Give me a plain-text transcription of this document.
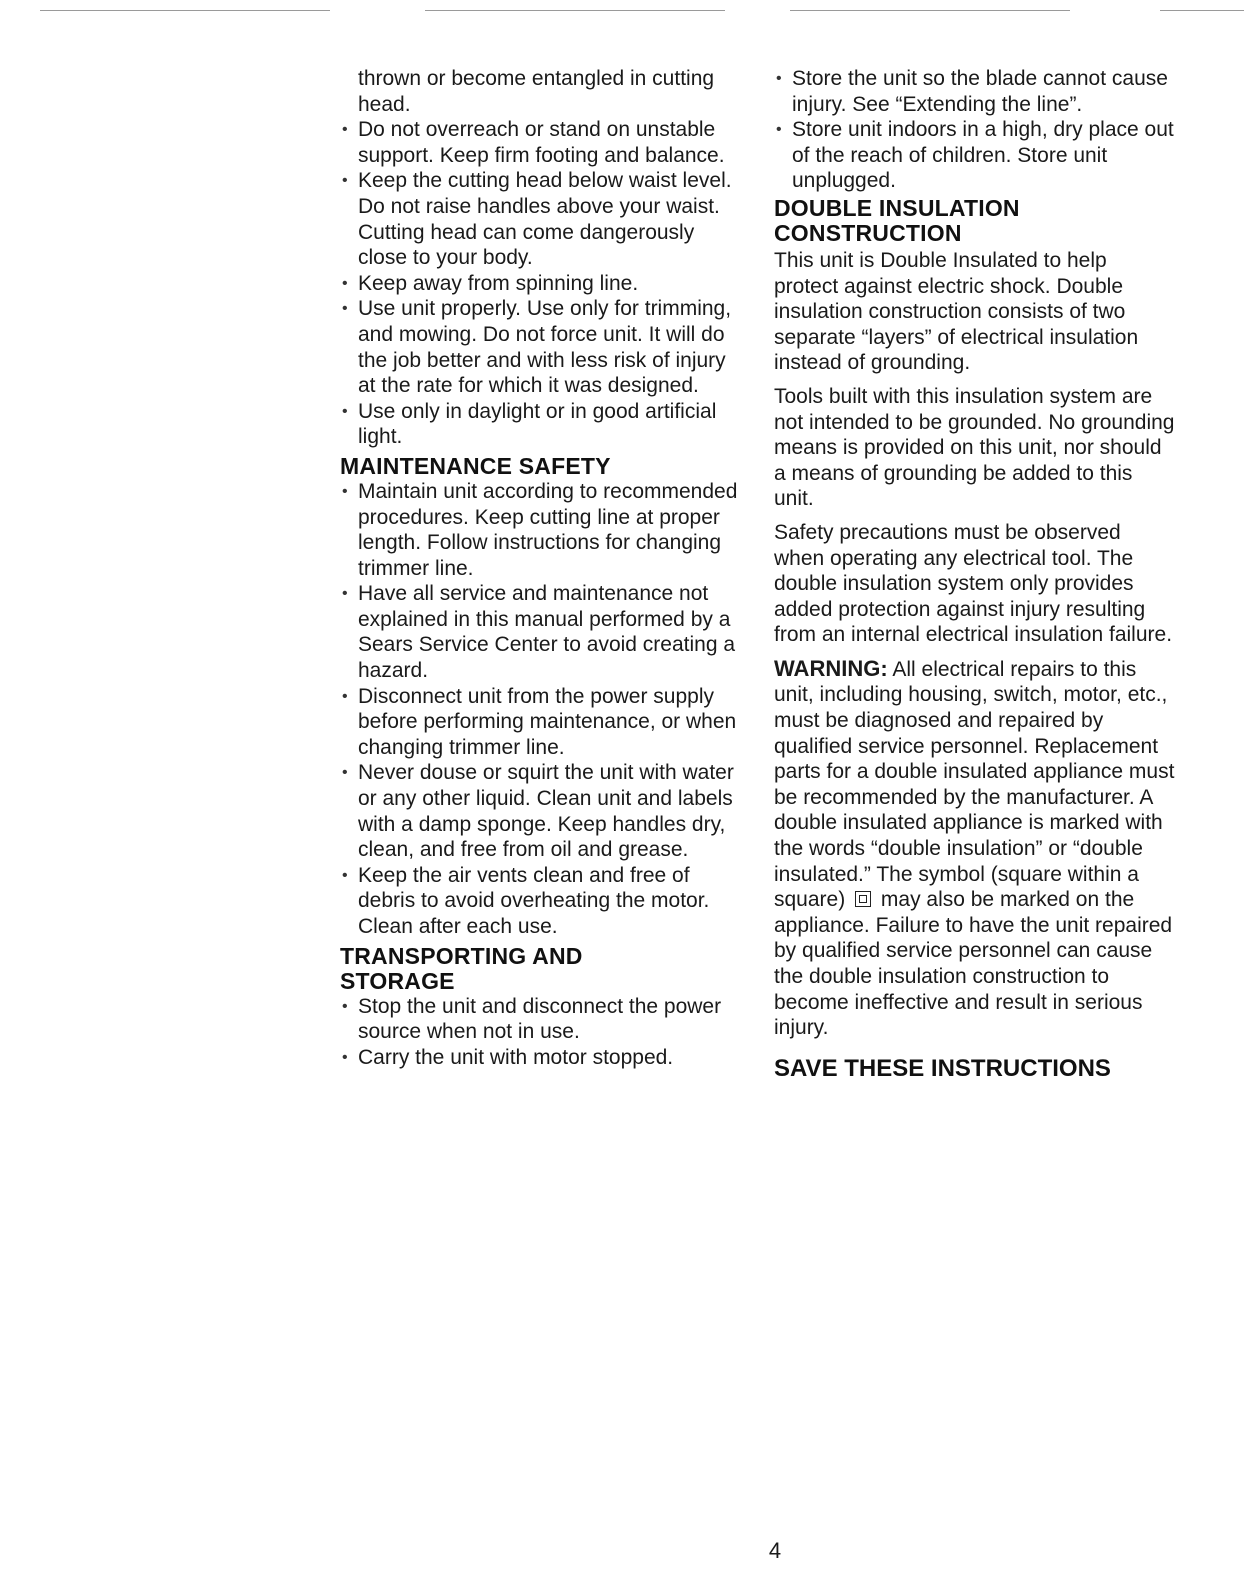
thrown or become entangled in cutting head.

• Do not overreach or stand on unstable support. Keep firm footing and balance.
• Keep the cutting head below waist level. Do not raise handles above your waist. Cutting head can come dangerously close to your body.
• Keep away from spinning line.
• Use unit properly. Use only for trimming, and mowing. Do not force unit. It will do the job better and with less risk of injury at the rate for which it was designed.
• Use only in daylight or in good artificial light.
MAINTENANCE SAFETY
• Maintain unit according to recommended procedures. Keep cutting line at proper length. Follow instructions for changing trimmer line.
• Have all service and maintenance not explained in this manual performed by a Sears Service Center to avoid creating a hazard.
• Disconnect unit from the power supply before performing maintenance, or when changing trimmer line.
• Never douse or squirt the unit with water or any other liquid. Clean unit and labels with a damp sponge. Keep handles dry, clean, and free from oil and grease.
• Keep the air vents clean and free of debris to avoid overheating the motor. Clean after each use.
TRANSPORTING AND STORAGE
• Stop the unit and disconnect the power source when not in use.
• Carry the unit with motor stopped.
• Store the unit so the blade cannot cause injury. See “Extending the line”.
• Store unit indoors in a high, dry place out of the reach of children. Store unit unplugged.
DOUBLE INSULATION CONSTRUCTION

This unit is Double Insulated to help protect against electric shock. Double insulation construction consists of two separate “layers” of electrical insulation instead of grounding.

Tools built with this insulation system are not intended to be grounded. No grounding means is provided on this unit, nor should a means of grounding be added to this unit.

Safety precautions must be observed when operating any electrical tool. The double insulation system only provides added protection against injury resulting from an internal electrical insulation failure.

WARNING: All electrical repairs to this unit, including housing, switch, motor, etc., must be diagnosed and repaired by qualified service personnel. Replacement parts for a double insulated appliance must be recommended by the manufacturer. A double insulated appliance is marked with the words “double insulation” or “double insulated.” The symbol (square within a square) may also be marked on the appliance. Failure to have the unit repaired by qualified service personnel can cause the double insulation construction to become ineffective and result in serious injury.

SAVE THESE INSTRUCTIONS
4
